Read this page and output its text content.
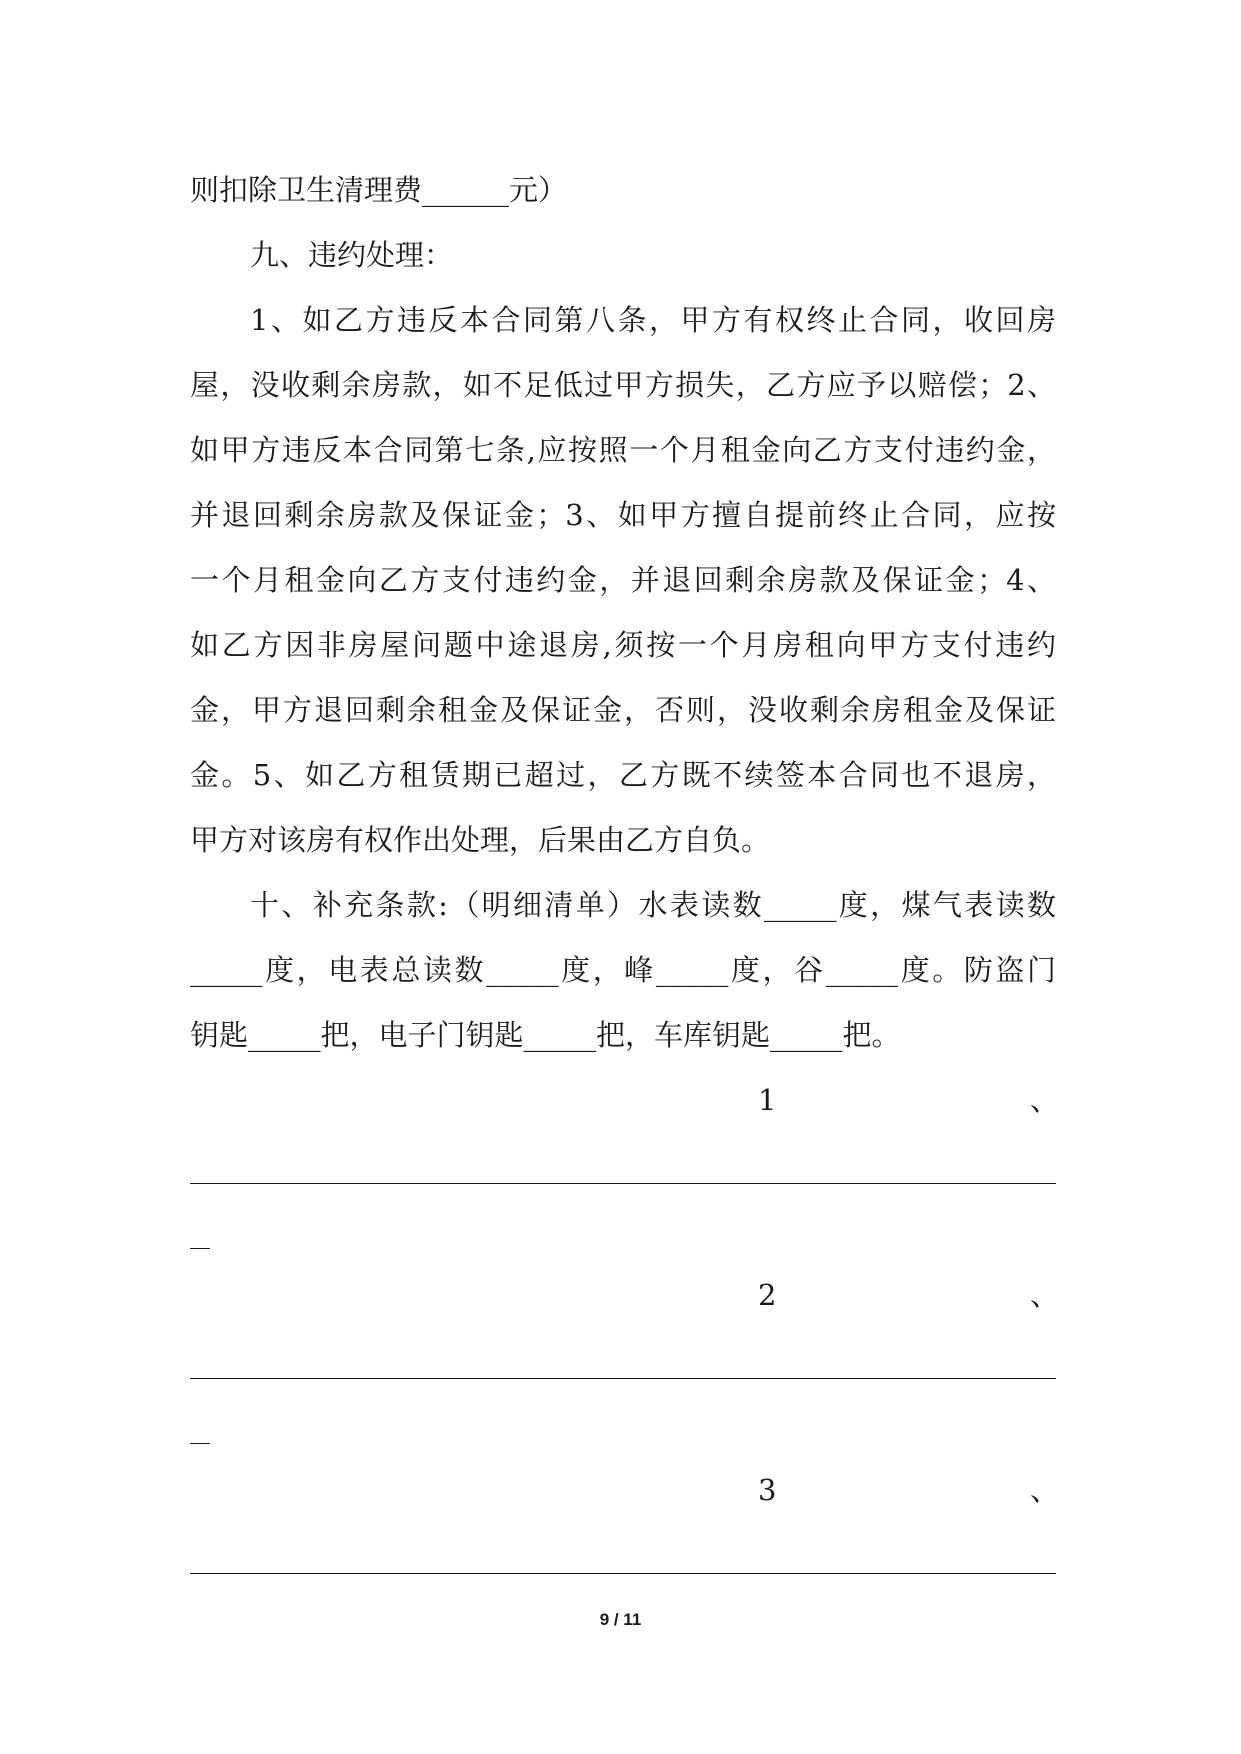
则扣除卫生清理费______元）
九、违约处理：
1、如乙方违反本合同第八条，甲方有权终止合同，收回房
屋，没收剩余房款，如不足低过甲方损失，乙方应予以赔偿；2、
如甲方违反本合同第七条,应按照一个月租金向乙方支付违约金，
并退回剩余房款及保证金；3、如甲方擅自提前终止合同，应按
一个月租金向乙方支付违约金，并退回剩余房款及保证金；4、
如乙方因非房屋问题中途退房,须按一个月房租向甲方支付违约
金，甲方退回剩余租金及保证金，否则，没收剩余房租金及保证
金。5、如乙方租赁期已超过，乙方既不续签本合同也不退房，
甲方对该房有权作出处理，后果由乙方自负。
十、补充条款:（明细清单）水表读数_____度，煤气表读数
_____度，电表总读数_____度，峰_____度，谷_____度。防盗门
钥匙_____把，电子门钥匙_____把，车库钥匙_____把。
1	、
2	、
3	、
9 / 11
